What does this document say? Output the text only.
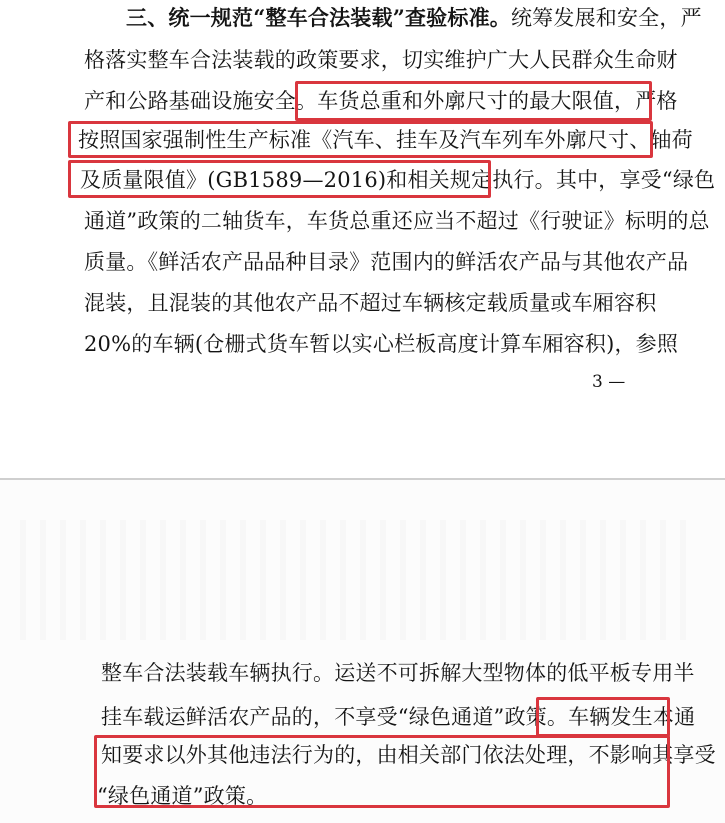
三、统一规范“整车合法装载”查验标准。统筹发展和安全，严
格落实整车合法装载的政策要求，切实维护广大人民群众生命财
产和公路基础设施安全。车货总重和外廓尺寸的最大限值，严格
按照国家强制性生产标准《汽车、挂车及汽车列车外廓尺寸、轴荷
及质量限值》(GB1589—2016)和相关规定执行。其中，享受“绿色
通道”政策的二轴货车，车货总重还应当不超过《行驶证》标明的总
质量。《鲜活农产品品种目录》范围内的鲜活农产品与其他农产品
混装，且混装的其他农产品不超过车辆核定载质量或车厢容积
20%的车辆(仓栅式货车暂以实心栏板高度计算车厢容积)，参照
3 —
整车合法装载车辆执行。运送不可拆解大型物体的低平板专用半
挂车载运鲜活农产品的，不享受“绿色通道”政策。车辆发生本通
知要求以外其他违法行为的，由相关部门依法处理，不影响其享受
“绿色通道”政策。
